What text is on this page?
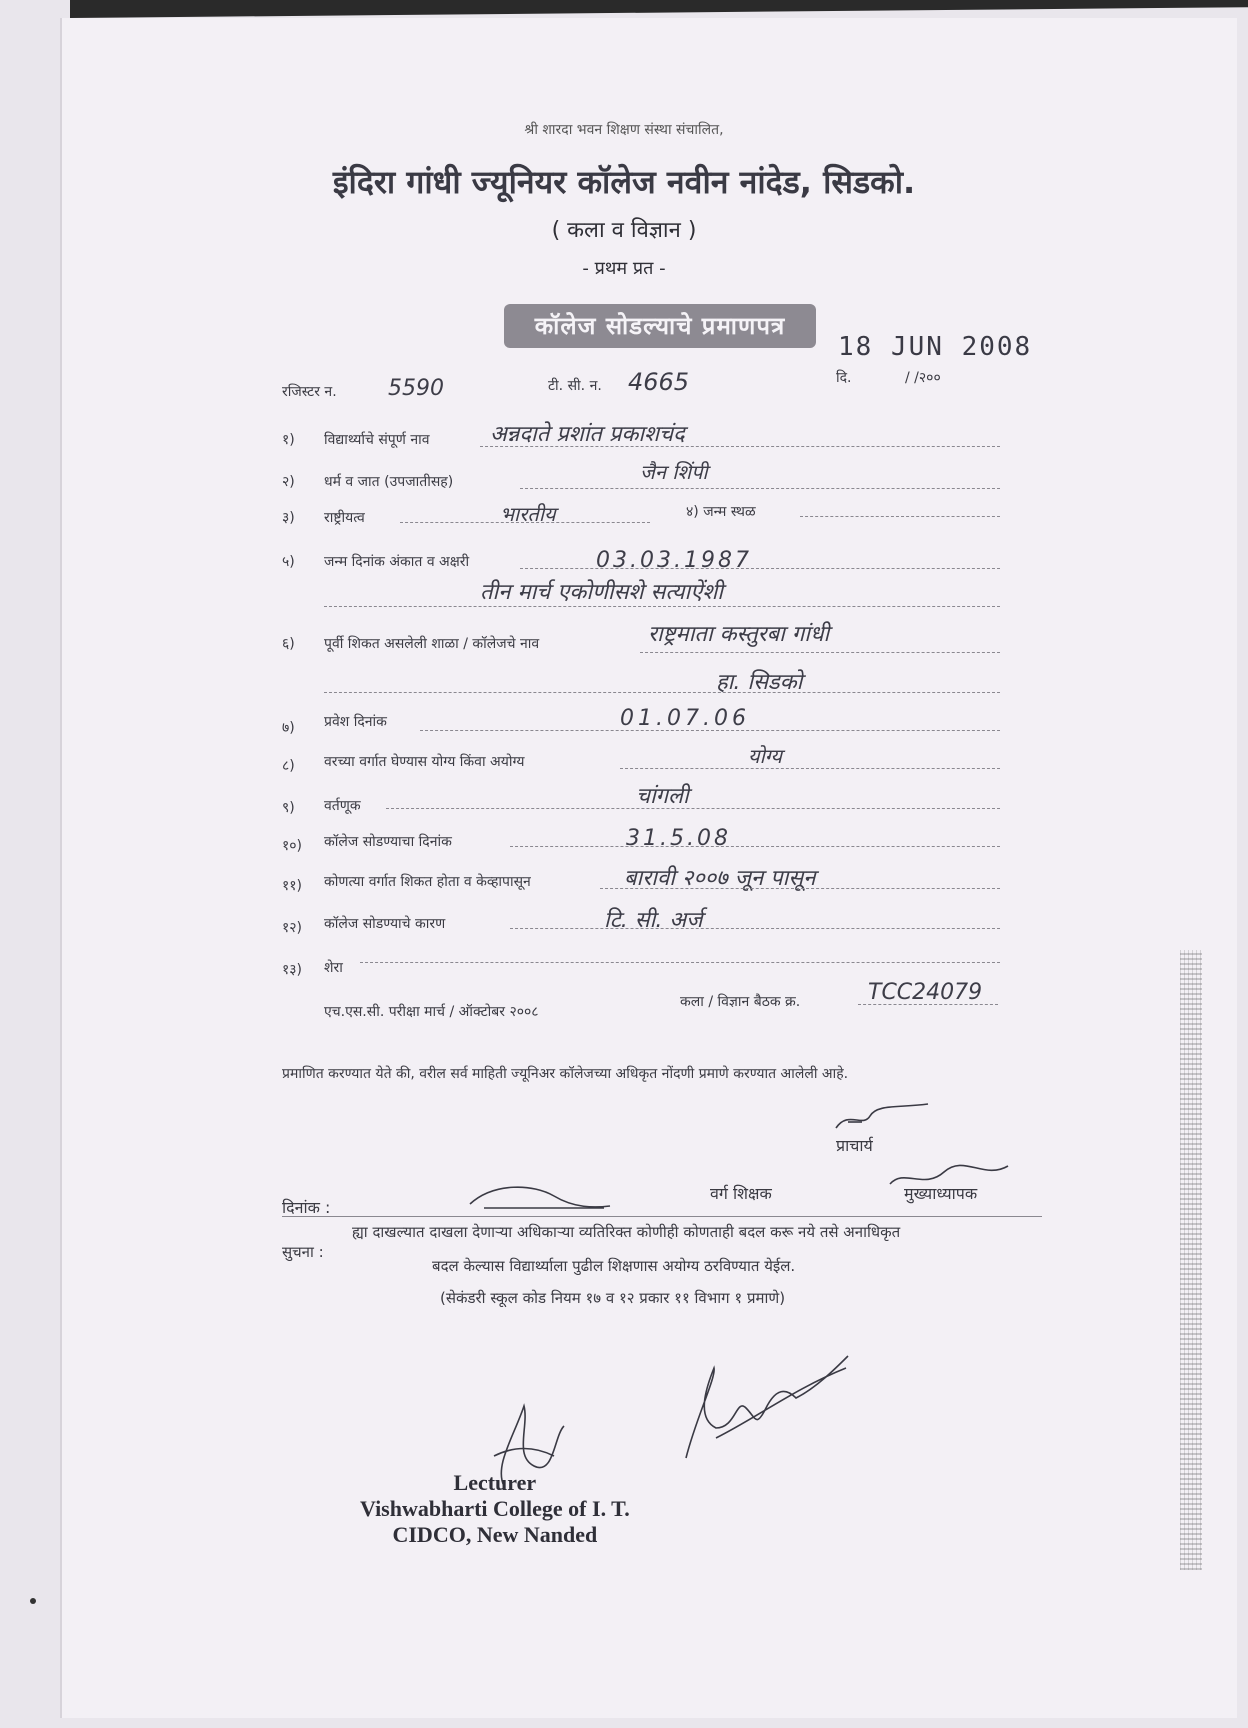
श्री शारदा भवन शिक्षण संस्था संचालित,
इंदिरा गांधी ज्यूनियर कॉलेज नवीन नांदेड, सिडको.
( कला व विज्ञान )
- प्रथम प्रत -
कॉलेज सोडल्याचे प्रमाणपत्र
18 JUN 2008
दि.	/ /२००
रजिस्टर न. 5590	टी. सी. न. 4665
१) विद्यार्थ्याचे संपूर्ण नाव	अन्नदाते प्रशांत प्रकाशचंद
२) धर्म व जात (उपजातीसह)	जैन शिंपी
३) राष्ट्रीयत्व	भारतीय	४) जन्म स्थळ
५) जन्म दिनांक अंकात व अक्षरी	03.03.1987
तीन मार्च एकोणीसशे सत्याऐंशी
६) पूर्वी शिकत असलेली शाळा / कॉलेजचे नाव	राष्ट्रमाता कस्तुरबा गांधी
हा. सिडको
७) प्रवेश दिनांक	01.07.06
८) वरच्या वर्गात घेण्यास योग्य किंवा अयोग्य	योग्य
९) वर्तणूक	चांगली
१०) कॉलेज सोडण्याचा दिनांक	31.5.08
११) कोणत्या वर्गात शिकत होता व केव्हापासून	बारावी २००७ जून पासून
१२) कॉलेज सोडण्याचे कारण	टि. सी. अर्ज
१३) शेरा
एच.एस.सी. परीक्षा मार्च / ऑक्टोबर २००८
कला / विज्ञान बैठक क्र.	TCC24079
प्रमाणित करण्यात येते की, वरील सर्व माहिती ज्यूनिअर कॉलेजच्या अधिकृत नोंदणी प्रमाणे करण्यात आलेली आहे.
प्राचार्य
दिनांक :
वर्ग शिक्षक	मुख्याध्यापक
सुचना :
ह्या दाखल्यात दाखला देणाऱ्या अधिकाऱ्या व्यतिरिक्त कोणीही कोणताही बदल करू नये तसे अनाधिकृत
बदल केल्यास विद्यार्थ्याला पुढील शिक्षणास अयोग्य ठरविण्यात येईल.
(सेकंडरी स्कूल कोड नियम १७ व १२ प्रकार ११ विभाग १ प्रमाणे)
Lecturer
Vishwabharti College of I. T.
CIDCO, New Nanded
